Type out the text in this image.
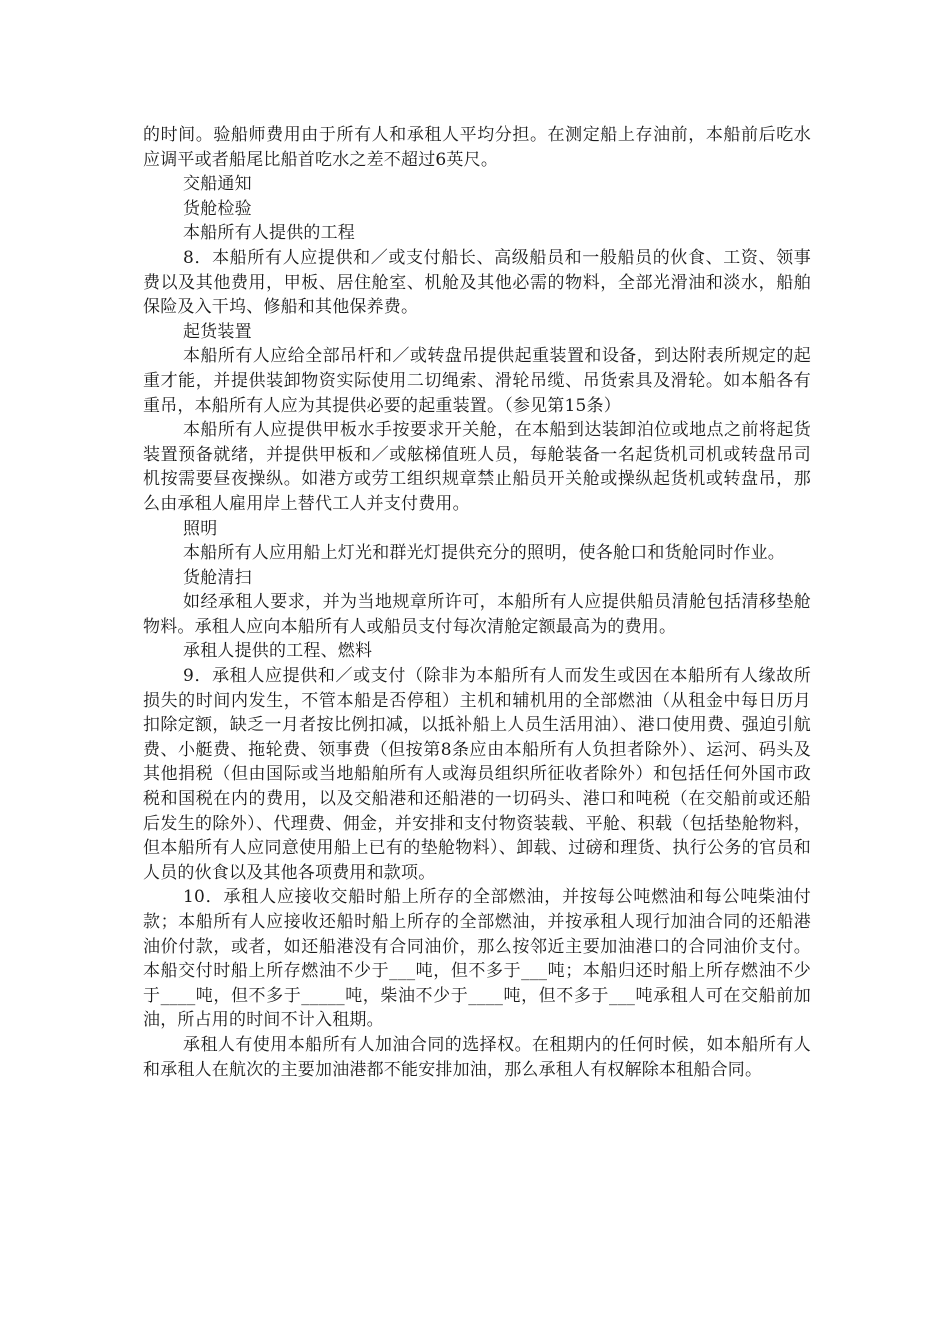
的时间。验船师费用由于所有人和承租人平均分担。在测定船上存油前，本船前后吃水应调平或者船尾比船首吃水之差不超过6英尺。

交船通知

货舱检验

本船所有人提供的工程

8．本船所有人应提供和／或支付船长、高级船员和一般船员的伙食、工资、领事费以及其他费用，甲板、居住舱室、机舱及其他必需的物料，全部光滑油和淡水，船舶保险及入干坞、修船和其他保养费。

起货装置

本船所有人应给全部吊杆和／或转盘吊提供起重装置和设备，到达附表所规定的起重才能，并提供装卸物资实际使用二切绳索、滑轮吊缆、吊货索具及滑轮。如本船各有重吊，本船所有人应为其提供必要的起重装置。（参见第15条）

本船所有人应提供甲板水手按要求开关舱，在本船到达装卸泊位或地点之前将起货装置预备就绪，并提供甲板和／或舷梯值班人员，每舱装备一名起货机司机或转盘吊司机按需要昼夜操纵。如港方或劳工组织规章禁止船员开关舱或操纵起货机或转盘吊，那么由承租人雇用岸上替代工人并支付费用。

照明

本船所有人应用船上灯光和群光灯提供充分的照明，使各舱口和货舱同时作业。

货舱清扫

如经承租人要求，并为当地规章所许可，本船所有人应提供船员清舱包括清移垫舱物料。承租人应向本船所有人或船员支付每次清舱定额最高为的费用。

承租人提供的工程、燃料

9．承租人应提供和／或支付（除非为本船所有人而发生或因在本船所有人缘故所损失的时间内发生，不管本船是否停租）主机和辅机用的全部燃油（从租金中每日历月扣除定额，缺乏一月者按比例扣减，以抵补船上人员生活用油）、港口使用费、强迫引航费、小艇费、拖轮费、领事费（但按第8条应由本船所有人负担者除外）、运河、码头及其他捐税（但由国际或当地船舶所有人或海员组织所征收者除外）和包括任何外国市政税和国税在内的费用，以及交船港和还船港的一切码头、港口和吨税（在交船前或还船后发生的除外）、代理费、佣金，并安排和支付物资装载、平舱、积载（包括垫舱物料，但本船所有人应同意使用船上已有的垫舱物料）、卸载、过磅和理货、执行公务的官员和人员的伙食以及其他各项费用和款项。

10．承租人应接收交船时船上所存的全部燃油，并按每公吨燃油和每公吨柴油付款；本船所有人应接收还船时船上所存的全部燃油，并按承租人现行加油合同的还船港油价付款，或者，如还船港没有合同油价，那么按邻近主要加油港口的合同油价支付。本船交付时船上所存燃油不少于___吨，但不多于___吨；本船归还时船上所存燃油不少于____吨，但不多于_____吨，柴油不少于____吨，但不多于___吨承租人可在交船前加油，所占用的时间不计入租期。

承租人有使用本船所有人加油合同的选择权。在租期内的任何时候，如本船所有人和承租人在航次的主要加油港都不能安排加油，那么承租人有权解除本租船合同。
